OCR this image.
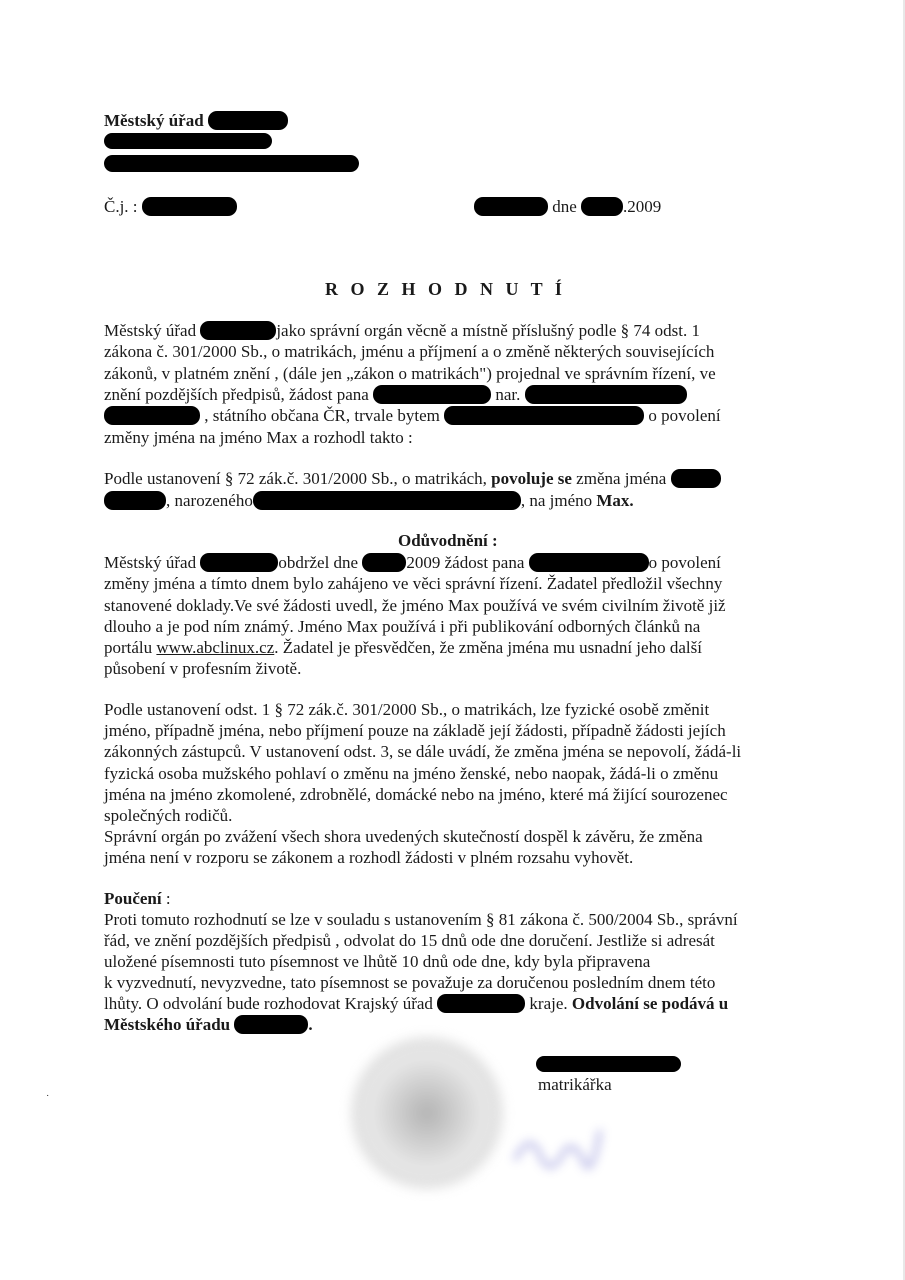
Městský úřad
Č.j. :	dne	.2009
R O Z H O D N U T Í
Městský úřad	jako správní orgán věcně a místně příslušný podle § 74 odst. 1
zákona č. 301/2000 Sb., o matrikách, jménu a příjmení a o změně některých souvisejících
zákonů, v platném znění , (dále jen „zákon o matrikách") projednal ve správním řízení, ve
znění pozdějších předpisů, žádost pana	nar.
, státního občana ČR, trvale bytem	o povolení
změny jména na jméno Max a rozhodl takto :
Podle ustanovení § 72 zák.č. 301/2000 Sb., o matrikách, povoluje se změna jména
, narozeného	, na jméno Max.
Odůvodnění :
Městský úřad	obdržel dne	2009 žádost pana	o povolení
změny jména a tímto dnem bylo zahájeno ve věci správní řízení. Žadatel předložil všechny
stanovené doklady.Ve své žádosti uvedl, že jméno Max používá ve svém civilním životě již
dlouho a je pod ním známý. Jméno Max používá i při publikování odborných článků na
portálu www.abclinux.cz. Žadatel je přesvědčen, že změna jména mu usnadní jeho další
působení v profesním životě.
Podle ustanovení odst. 1 § 72 zák.č. 301/2000 Sb., o matrikách, lze fyzické osobě změnit
jméno, případně jména, nebo příjmení pouze na základě její žádosti, případně žádosti jejích
zákonných zástupců. V ustanovení odst. 3, se dále uvádí, že změna jména se nepovolí, žádá-li
fyzická osoba mužského pohlaví o změnu na jméno ženské, nebo naopak, žádá-li o změnu
jména na jméno zkomolené, zdrobnělé, domácké nebo na jméno, které má žijící sourozenec
společných rodičů.
Správní orgán po zvážení všech shora uvedených skutečností dospěl k závěru, že změna
jména není v rozporu se zákonem a rozhodl žádosti v plném rozsahu vyhovět.
Poučení :
Proti tomuto rozhodnutí se lze v souladu s ustanovením § 81 zákona č. 500/2004 Sb., správní
řád, ve znění pozdějších předpisů , odvolat do 15 dnů ode dne doručení. Jestliže si adresát
uložené písemnosti tuto písemnost ve lhůtě 10 dnů ode dne, kdy byla připravena
k vyzvednutí, nevyzvedne, tato písemnost se považuje za doručenou posledním dnem této
lhůty. O odvolání bude rozhodovat Krajský úřad	kraje. Odvolání se podává u
Městského úřadu	.
matrikářka
˙
